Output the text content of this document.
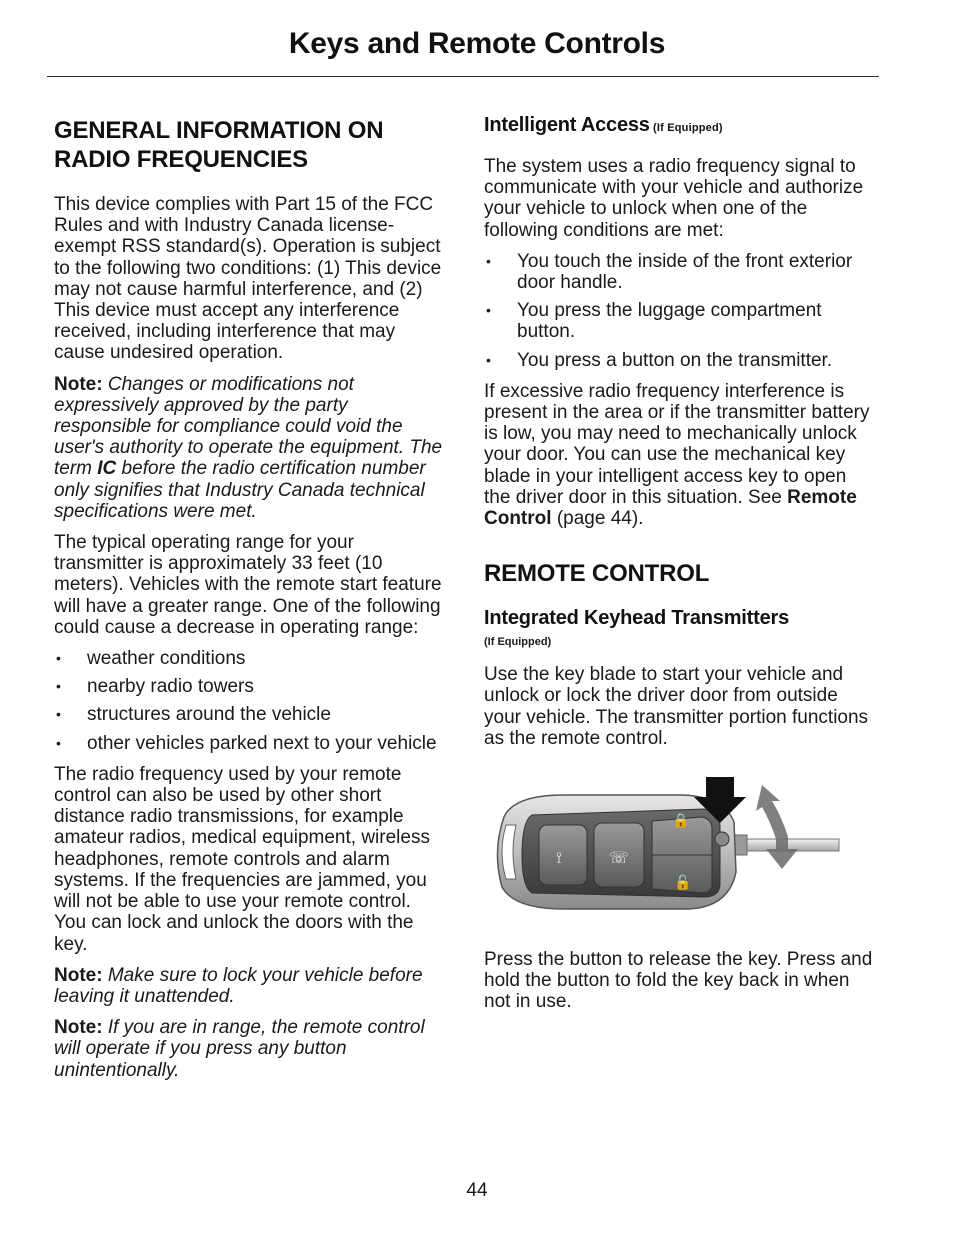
Keys and Remote Controls
GENERAL INFORMATION ON
RADIO FREQUENCIES

This device complies with Part 15 of the FCC Rules and with Industry Canada license-exempt RSS standard(s). Operation is subject to the following two conditions: (1) This device may not cause harmful interference, and (2) This device must accept any interference received, including interference that may cause undesired operation.

Note: Changes or modifications not expressively approved by the party responsible for compliance could void the user's authority to operate the equipment. The term IC before the radio certification number only signifies that Industry Canada technical specifications were met.

The typical operating range for your transmitter is approximately 33 feet (10 meters). Vehicles with the remote start feature will have a greater range. One of the following could cause a decrease in operating range:

• weather conditions
• nearby radio towers
• structures around the vehicle
• other vehicles parked next to your vehicle

The radio frequency used by your remote control can also be used by other short distance radio transmissions, for example amateur radios, medical equipment, wireless headphones, remote controls and alarm systems. If the frequencies are jammed, you will not be able to use your remote control. You can lock and unlock the doors with the key.

Note: Make sure to lock your vehicle before leaving it unattended.

Note: If you are in range, the remote control will operate if you press any button unintentionally.

Intelligent Access (If Equipped)

The system uses a radio frequency signal to communicate with your vehicle and authorize your vehicle to unlock when one of the following conditions are met:

• You touch the inside of the front exterior door handle.
• You press the luggage compartment button.
• You press a button on the transmitter.

If excessive radio frequency interference is present in the area or if the transmitter battery is low, you may need to mechanically unlock your door. You can use the mechanical key blade in your intelligent access key to open the driver door in this situation. See Remote Control (page 44).

REMOTE CONTROL
Integrated Keyhead Transmitters
(If Equipped)

Use the key blade to start your vehicle and unlock or lock the driver door from outside your vehicle. The transmitter portion functions as the remote control.

⟟	☏
🔒
🔓

Press the button to release the key. Press and hold the button to fold the key back in when not in use.

44
